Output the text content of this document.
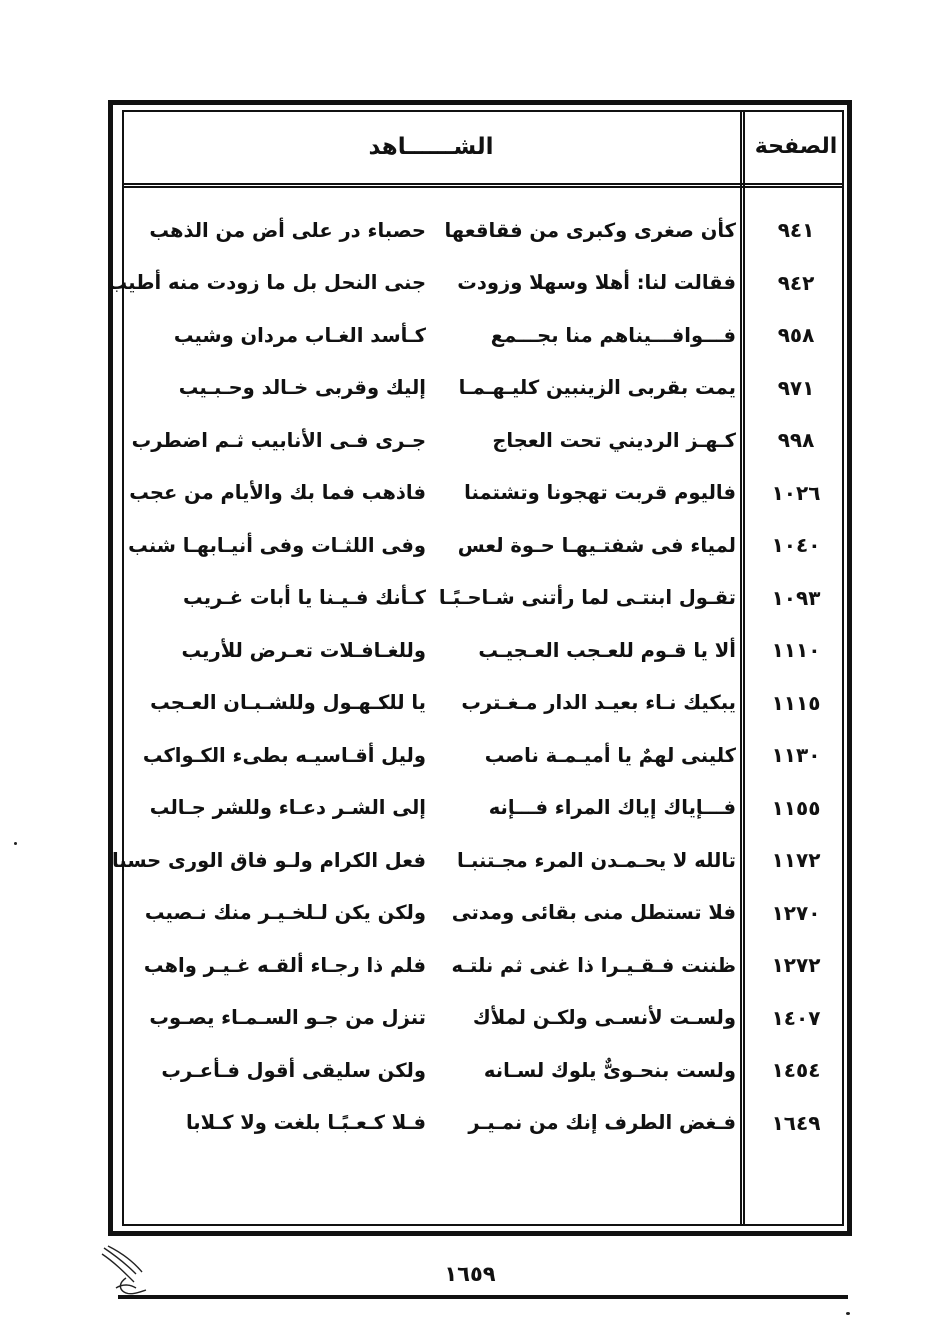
الصفحة
الشــــــاهد
٩٤١
كأن صغرى وكبرى من فقاقعها
حصباء در على أض من الذهب
٩٤٢
فقالت لنا: أهلا وسهلا وزودت
جنى النحل بل ما زودت منه أطيب
٩٥٨
فـــوافـــيناهم منا بجـــمع
كـأسد الغـاب مردان وشيب
٩٧١
يمت بقربى الزينبين كليـهـمـا
إليك وقربى خـالد وحـبـيب
٩٩٨
كـهـز الرديني تحت العجاج
جـرى فـى الأنابيب ثـم اضطرب
١٠٢٦
فاليوم قربت تهجونا وتشتمنا
فاذهب فما بك والأيام من عجب
١٠٤٠
لمياء فى شفتـيهـا حـوة لعس
وفى اللثـات وفى أنيـابهـا شنب
١٠٩٣
تقـول ابنتـى لما رأتنى شـاحـبًـا
كـأنك فـيـنا يا أبات غـريب
١١١٠
ألا يا قـوم للعـجب العـجيـب
وللغـافـلات تعـرض للأريب
١١١٥
يبكيك نـاء بعيـد الدار مـغـترب
يا للكـهـول وللشـبـان العـجب
١١٣٠
كلينى لهمٌ يا أميـمـة ناصب
وليل أقـاسيـه بطىء الكـواكب
١١٥٥
فـــإياك إياك المراء فـــإنه
إلى الشـر دعـاء وللشر جـالب
١١٧٢
تالله لا يحـمـدن المرء مجـتنبـا
فعل الكرام ولـو فاق الورى حسبا
١٢٧٠
فلا تستطل منى بقائى ومدتى
ولكن يكن لـلخـيـر منك نـصيب
١٢٧٢
ظننت فـقـيـرا ذا غنى ثم نلتـه
فلم ذا رجـاء ألقـه غـيـر واهب
١٤٠٧
ولسـت لأنسـى ولكـن لملأك
تنزل من جـو السـمـاء يصـوب
١٤٥٤
ولست بنحـوىٌّ يلوك لسـانه
ولكن سليقى أقول فـأعـرب
١٦٤٩
فـغض الطرف إنك من نمـيـر
فـلا كـعـبًـا بلغت ولا كـلابا
١٦٥٩
